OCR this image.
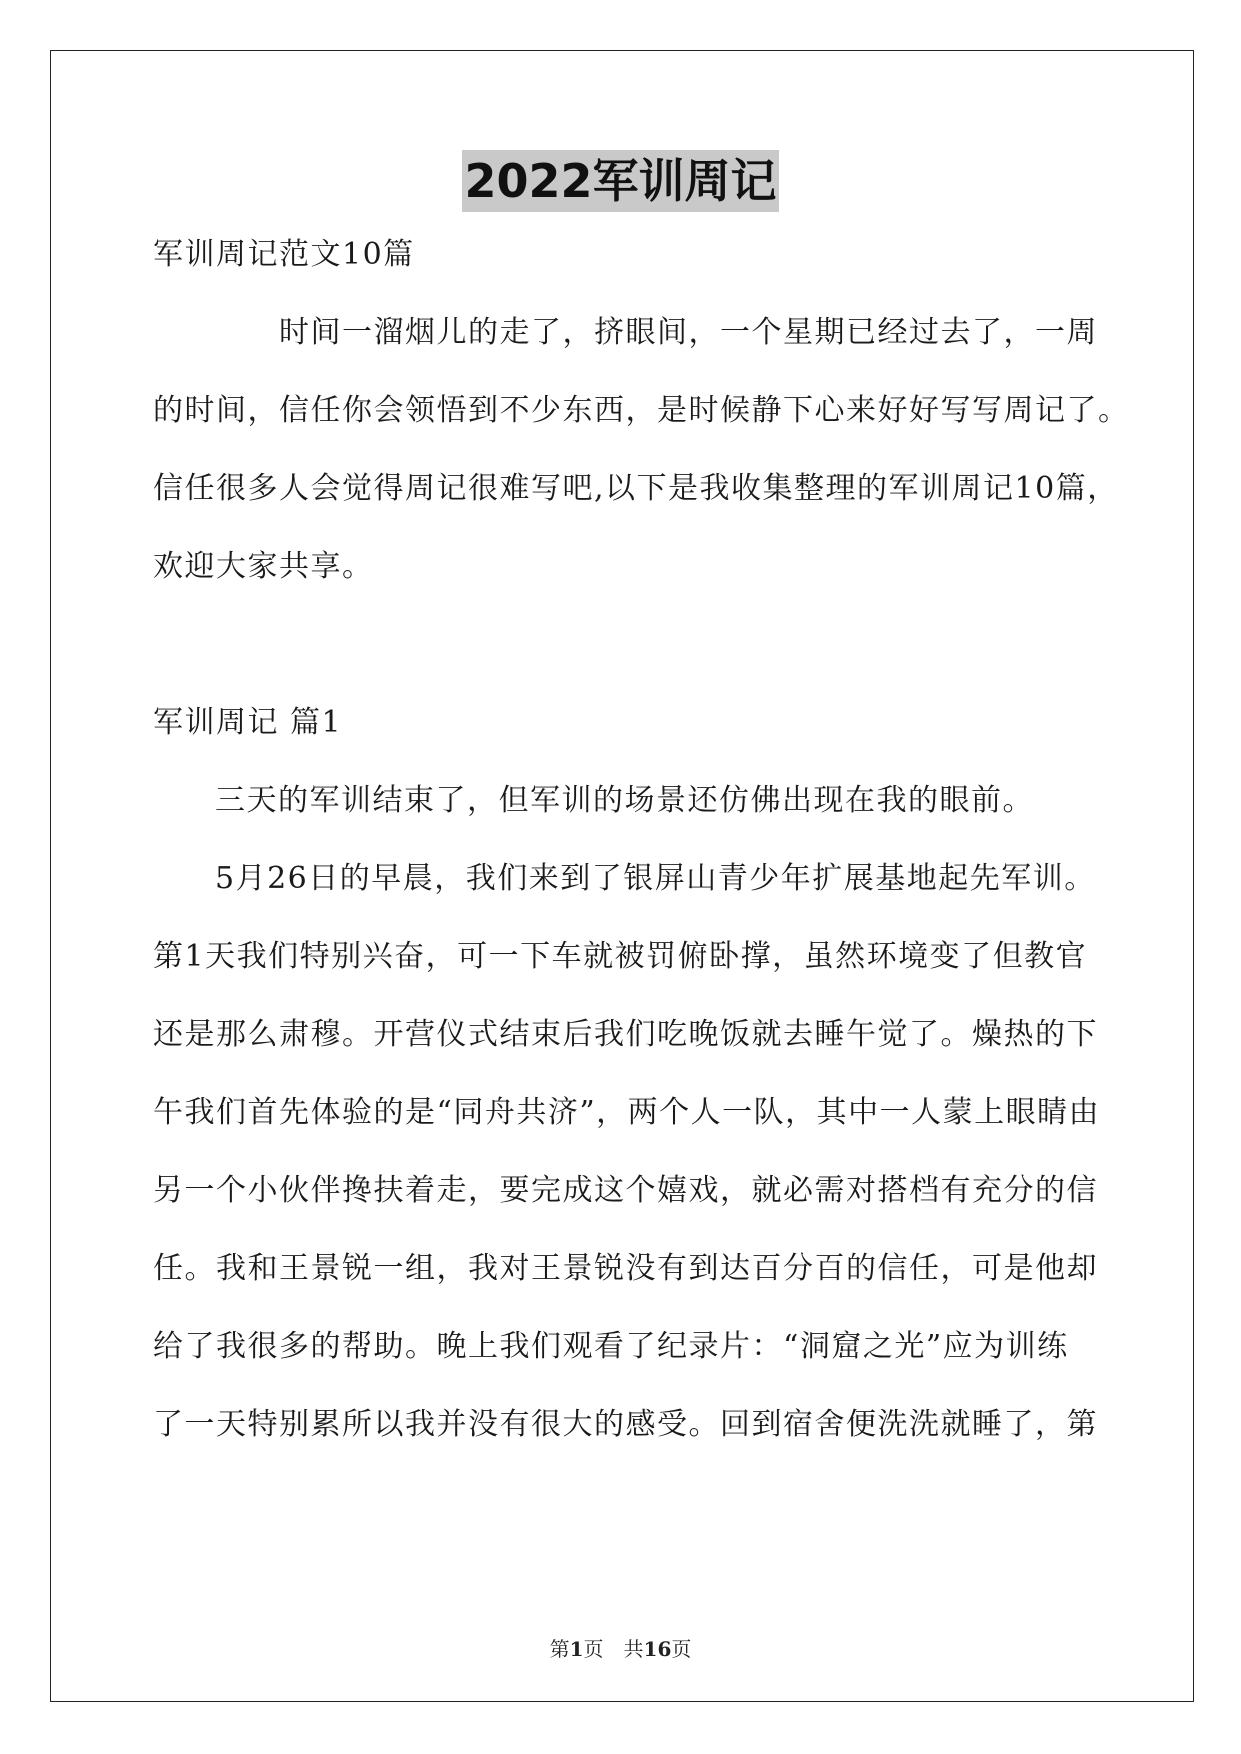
2022军训周记
军训周记范文10篇
时间一溜烟儿的走了，挤眼间，一个星期已经过去了，一周
的时间，信任你会领悟到不少东西，是时候静下心来好好写写周记了。
信任很多人会觉得周记很难写吧,以下是我收集整理的军训周记10篇，
欢迎大家共享。
军训周记 篇1
三天的军训结束了，但军训的场景还仿佛出现在我的眼前。
5月26日的早晨，我们来到了银屏山青少年扩展基地起先军训。
第1天我们特别兴奋，可一下车就被罚俯卧撑，虽然环境变了但教官
还是那么肃穆。开营仪式结束后我们吃晚饭就去睡午觉了。燥热的下
午我们首先体验的是“同舟共济”，两个人一队，其中一人蒙上眼睛由
另一个小伙伴搀扶着走，要完成这个嬉戏，就必需对搭档有充分的信
任。我和王景锐一组，我对王景锐没有到达百分百的信任，可是他却
给了我很多的帮助。晚上我们观看了纪录片：“洞窟之光”应为训练
了一天特别累所以我并没有很大的感受。回到宿舍便洗洗就睡了，第
第1页　共16页
